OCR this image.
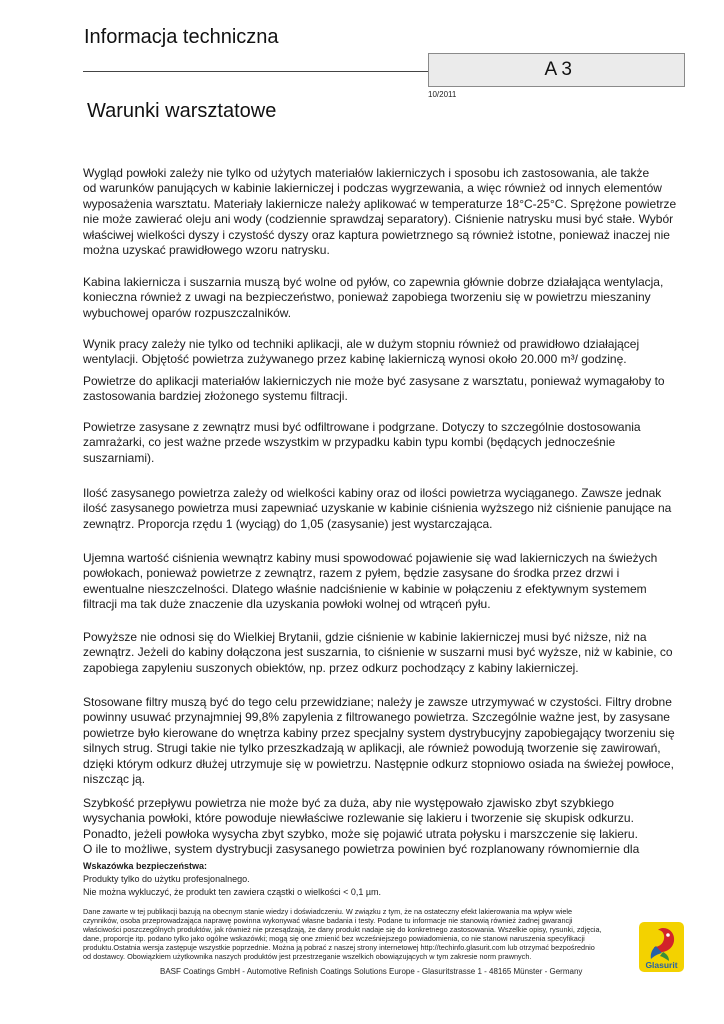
Informacja techniczna
A 3
10/2011
Warunki warsztatowe
Wygląd powłoki zależy nie tylko od użytych materiałów lakierniczych i sposobu ich zastosowania, ale także
od warunków panujących w kabinie lakierniczej i podczas wygrzewania, a więc również od innych elementów
wyposażenia warsztatu. Materiały lakiernicze należy aplikować w temperaturze 18°C-25°C. Sprężone powietrze
nie może zawierać oleju ani wody (codziennie sprawdzaj separatory). Ciśnienie natrysku musi być stałe. Wybór
właściwej wielkości dyszy i czystość dyszy oraz kaptura powietrznego są również istotne, ponieważ inaczej nie
można uzyskać prawidłowego wzoru natrysku.
Kabina lakiernicza i suszarnia muszą być wolne od pyłów, co zapewnia głównie dobrze działająca wentylacja,
konieczna również z uwagi na bezpieczeństwo, ponieważ zapobiega tworzeniu się w powietrzu mieszaniny
wybuchowej oparów rozpuszczalników.
Wynik pracy zależy nie tylko od techniki aplikacji, ale w dużym stopniu również od prawidłowo działającej
wentylacji. Objętość powietrza zużywanego przez kabinę lakierniczą wynosi około 20.000 m³/ godzinę.
Powietrze do aplikacji materiałów lakierniczych nie może być zasysane z warsztatu, ponieważ wymagałoby to
zastosowania bardziej złożonego systemu filtracji.
Powietrze zasysane z zewnątrz musi być odfiltrowane i podgrzane. Dotyczy to szczególnie dostosowania
zamrażarki, co jest ważne przede wszystkim w przypadku kabin typu kombi (będących jednocześnie
suszarniami).
Ilość zasysanego powietrza zależy od wielkości kabiny oraz od ilości powietrza wyciąganego. Zawsze jednak
ilość zasysanego powietrza musi zapewniać uzyskanie w kabinie ciśnienia wyższego niż ciśnienie panujące na
zewnątrz. Proporcja rzędu 1 (wyciąg) do 1,05 (zasysanie) jest wystarczająca.
Ujemna wartość ciśnienia wewnątrz kabiny musi spowodować pojawienie się wad lakierniczych na świeżych
powłokach, ponieważ powietrze z zewnątrz, razem z pyłem, będzie zasysane do środka przez drzwi i
ewentualne nieszczelności. Dlatego właśnie nadciśnienie w kabinie w połączeniu z efektywnym systemem
filtracji ma tak duże znaczenie dla uzyskania powłoki wolnej od wtrąceń pyłu.
Powyższe nie odnosi się do Wielkiej Brytanii, gdzie ciśnienie w kabinie lakierniczej musi być niższe, niż na
zewnątrz. Jeżeli do kabiny dołączona jest suszarnia, to ciśnienie w suszarni musi być wyższe, niż w kabinie, co
zapobiega zapyleniu suszonych obiektów, np. przez odkurz pochodzący z kabiny lakierniczej.
Stosowane filtry muszą być do tego celu przewidziane; należy je zawsze utrzymywać w czystości. Filtry drobne
powinny usuwać przynajmniej 99,8% zapylenia z filtrowanego powietrza. Szczególnie ważne jest, by zasysane
powietrze było kierowane do wnętrza kabiny przez specjalny system dystrybucyjny zapobiegający tworzeniu się
silnych strug. Strugi takie nie tylko przeszkadzają w aplikacji, ale również powodują tworzenie się zawirowań,
dzięki którym odkurz dłużej utrzymuje się w powietrzu. Następnie odkurz stopniowo osiada na świeżej powłoce,
niszcząc ją.
Szybkość przepływu powietrza nie może być za duża, aby nie występowało zjawisko zbyt szybkiego
wysychania powłoki, które powoduje niewłaściwe rozlewanie się lakieru i tworzenie się skupisk odkurzu.
Ponadto, jeżeli powłoka wysycha zbyt szybko, może się pojawić utrata połysku i marszczenie się lakieru.
O ile to możliwe, system dystrybucji zasysanego powietrza powinien być rozplanowany równomiernie dla
Wskazówka bezpieczeństwa:
Produkty tylko do użytku profesjonalnego.
Nie można wykluczyć, że produkt ten zawiera cząstki o wielkości < 0,1 µm.
Dane zawarte w tej publikacji bazują na obecnym stanie wiedzy i doświadczeniu. W związku z tym, że na ostateczny efekt lakierowania ma wpływ wiele
czynników, osoba przeprowadzająca naprawę powinna wykonywać własne badania i testy. Podane tu informacje nie stanowią również żadnej gwarancji
właściwości poszczególnych produktów, jak również nie przesądzają, że dany produkt nadaje się do konkretnego zastosowania. Wszelkie opisy, rysunki, zdjęcia,
dane, proporcje itp. podano tylko jako ogólne wskazówki; mogą się one zmienić bez wcześniejszego powiadomienia, co nie stanowi naruszenia specyfikacji
produktu.Ostatnia wersja zastępuje wszystkie poprzednie. Można ją pobrać z naszej strony internetowej http://techinfo.glasurit.com lub otrzymać bezpośrednio
od dostawcy. Obowiązkiem użytkownika naszych produktów jest przestrzeganie wszelkich obowiązujących w tym zakresie norm prawnych.
BASF Coatings GmbH - Automotive Refinish Coatings Solutions Europe - Glasuritstrasse 1 - 48165 Münster - Germany
Glasurit
